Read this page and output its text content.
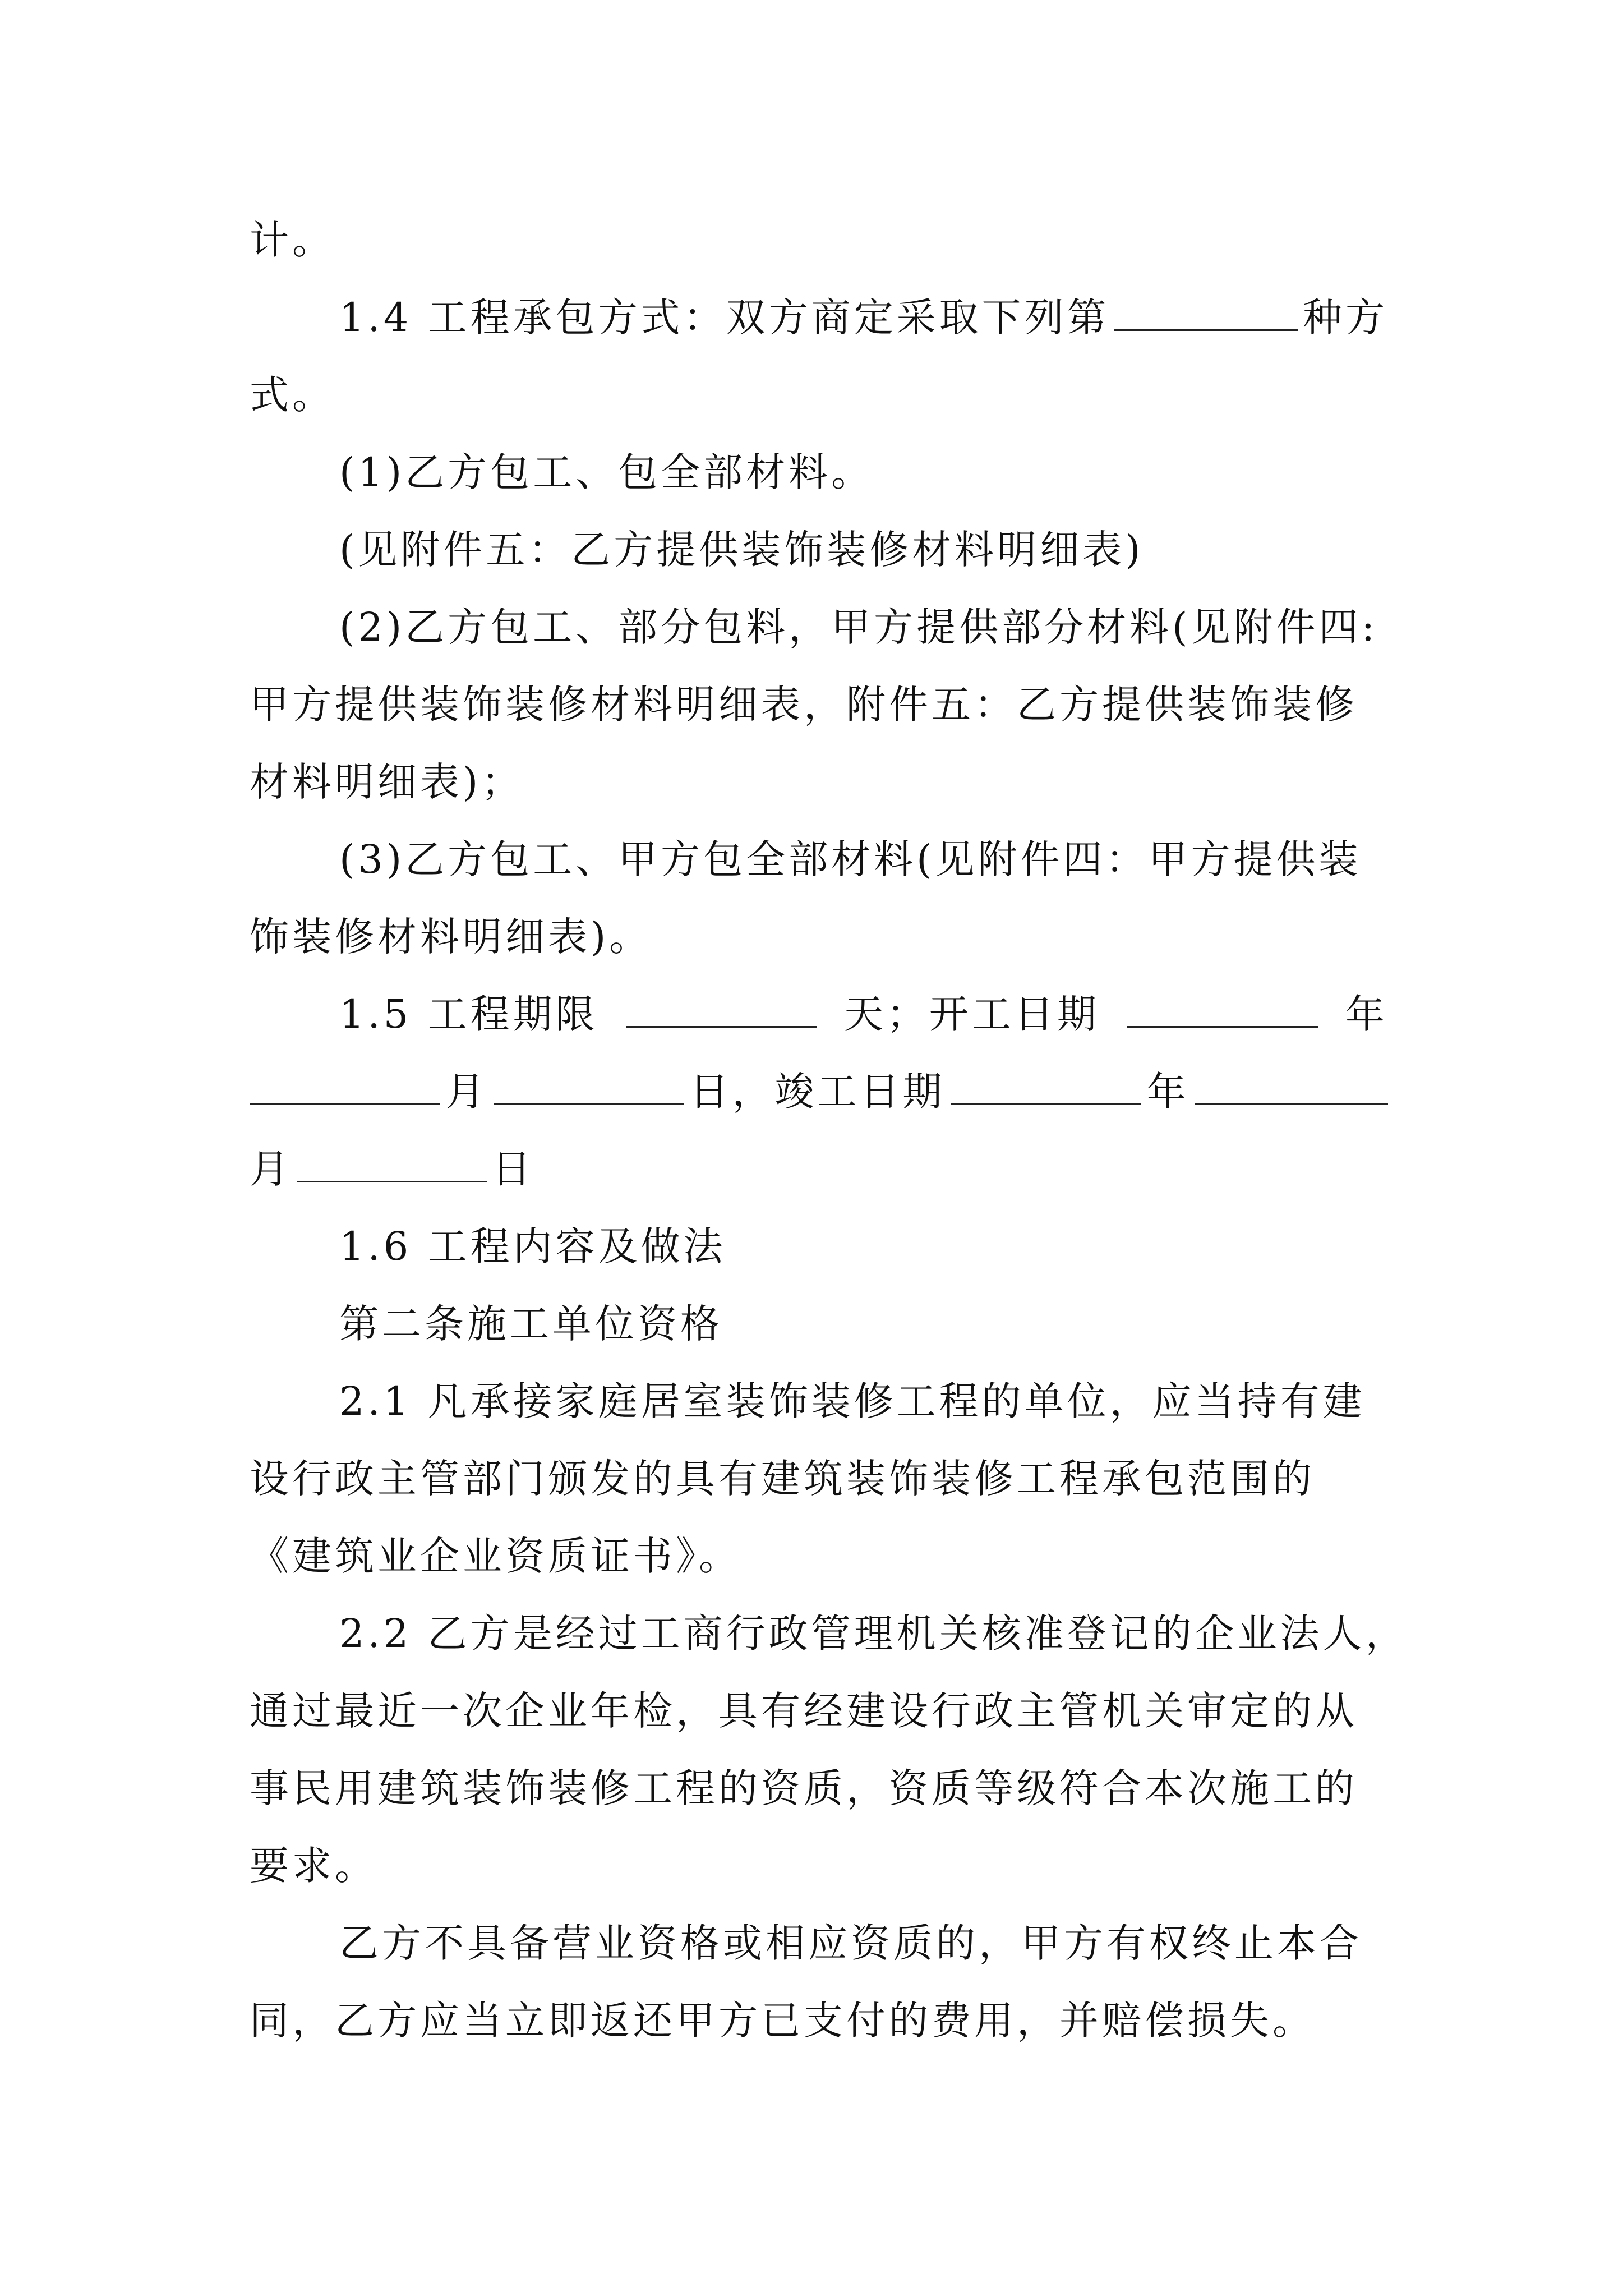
计。
1.4 工程承包方式：双方商定采取下列第	种方
式。
(1)乙方包工、包全部材料。
(见附件五：乙方提供装饰装修材料明细表)
(2)乙方包工、部分包料，甲方提供部分材料(见附件四:
甲方提供装饰装修材料明细表，附件五：乙方提供装饰装修
材料明细表)；
(3)乙方包工、甲方包全部材料(见附件四：甲方提供装
饰装修材料明细表)。
1.5 工程期限	天；开工日期	年
月	日，竣工日期	年
月	日
1.6 工程内容及做法
第二条施工单位资格
2.1 凡承接家庭居室装饰装修工程的单位，应当持有建
设行政主管部门颁发的具有建筑装饰装修工程承包范围的
《建筑业企业资质证书》。
2.2 乙方是经过工商行政管理机关核准登记的企业法人，
通过最近一次企业年检，具有经建设行政主管机关审定的从
事民用建筑装饰装修工程的资质，资质等级符合本次施工的
要求。
乙方不具备营业资格或相应资质的，甲方有权终止本合
同，乙方应当立即返还甲方已支付的费用，并赔偿损失。
